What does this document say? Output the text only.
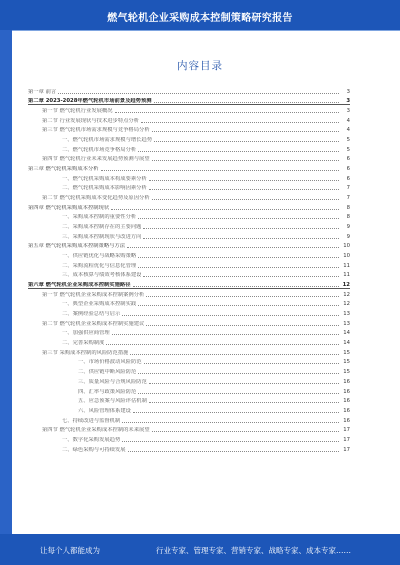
燃气轮机企业采购成本控制策略研究报告
内容目录
第一章 前言	3
第二章 2023-2028年燃气轮机市场前景及趋势预测	3
第一节 燃气轮机行业发展概况	3
第二节 行业发展现状与技术进步特点分析	4
第三节 燃气轮机市场需求规模与竞争格局分析	4
一、燃气轮机市场需求规模与增长趋势	5
二、燃气轮机市场竞争格局分析	5
第四节 燃气轮机行业未来发展趋势预测与展望	6
第三章 燃气轮机采购成本分析	6
一、燃气轮机采购成本构成要素分析	6
二、燃气轮机采购成本影响因素分析	7
第二节 燃气轮机采购成本变化趋势及原因分析	7
第四章 燃气轮机采购成本控制现状	8
一、采购成本控制的重要性分析	8
二、采购成本控制存在的主要问题	9
三、采购成本控制现状与改进方向	9
第五章 燃气轮机采购成本控制策略与方法	10
一、供应链优化与战略采购策略	10
二、采购流程优化与信息化管理	11
三、成本核算与绩效考核体系建设	11
第六章 燃气轮机企业采购成本控制实施路径	12
第一节 燃气轮机企业采购成本控制案例分析	12
一、典型企业采购成本控制实践	12
二、案例经验总结与启示	13
第二节 燃气轮机企业采购成本控制实施建议	13
一、加强供应商管理	14
二、完善采购制度	14
第三节 采购成本控制的风险防范措施	15
一、市场价格波动风险防范	15
二、供应链中断风险防范	15
三、质量风险与合规风险防范	16
四、汇率与政策风险防范	16
五、应急预案与风险评估机制	16
六、风险管理体系建设	16
七、持续改进与监督机制	16
第四节 燃气轮机企业采购成本控制的未来展望	17
一、数字化采购发展趋势	17
二、绿色采购与可持续发展	17
让每个人都能成为	行业专家、管理专家、营销专家、战略专家、成本专家……
